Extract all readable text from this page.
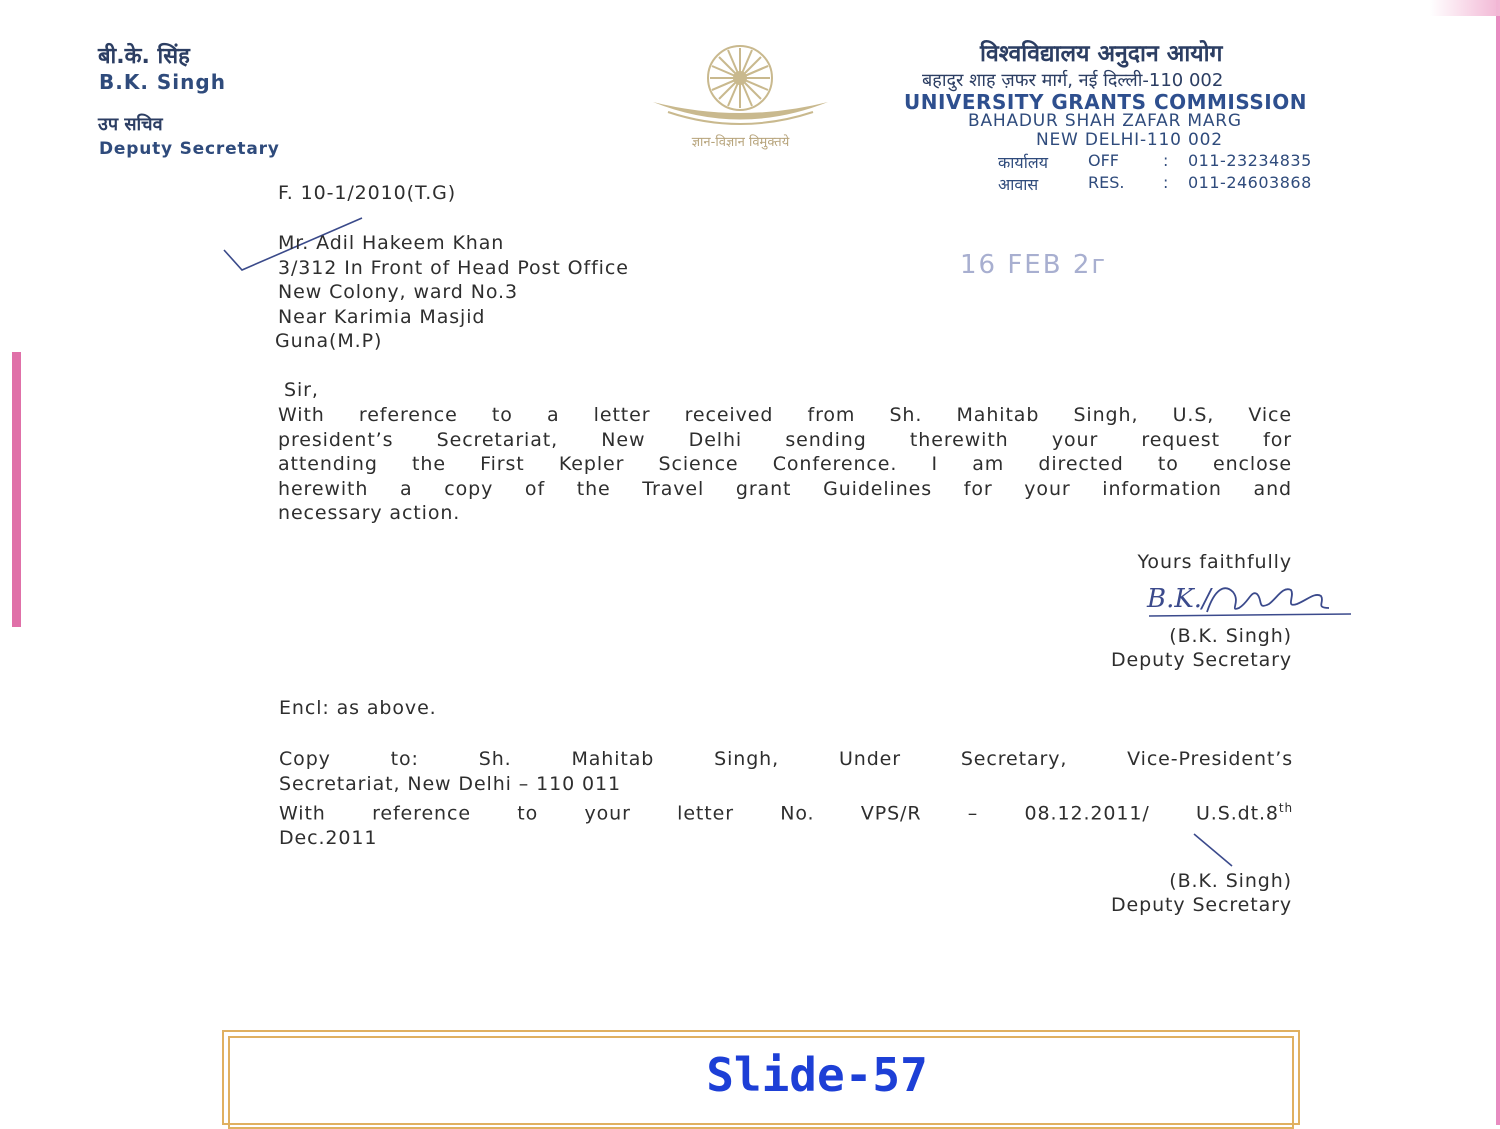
बी.के. सिंह
B.K. Singh
उप सचिव
Deputy Secretary	ज्ञान-विज्ञान विमुक्तये
विश्वविद्यालय अनुदान आयोग
बहादुर शाह ज़फर मार्ग, नई दिल्ली-110 002
UNIVERSITY GRANTS COMMISSION
BAHADUR SHAH ZAFAR MARG
NEW DELHI-110 002
कार्यालय	OFF	: 011-23234835
आवास	RES. : 011-24603868
F. 10-1/2010(T.G)
Mr. Adil Hakeem Khan
3/312 In Front of Head Post Office
New Colony, ward No.3
Near Karimia Masjid
Guna(M.P)
16 FEB 2г
Sir,
With reference to a letter received from Sh. Mahitab Singh, U.S, Vice
president’s Secretariat, New Delhi sending therewith your request for
attending the First Kepler Science Conference. I am directed to enclose
herewith a copy of the Travel grant Guidelines for your information and
necessary action.
Yours faithfully
B.K./
(B.K. Singh)
Deputy Secretary
Encl: as above.
Copy to: Sh. Mahitab Singh, Under Secretary, Vice-President’s
Secretariat, New Delhi – 110 011
With reference to your letter No. VPS/R – 08.12.2011/ U.S.dt.8th
Dec.2011
(B.K. Singh)
Deputy Secretary
Slide-57
